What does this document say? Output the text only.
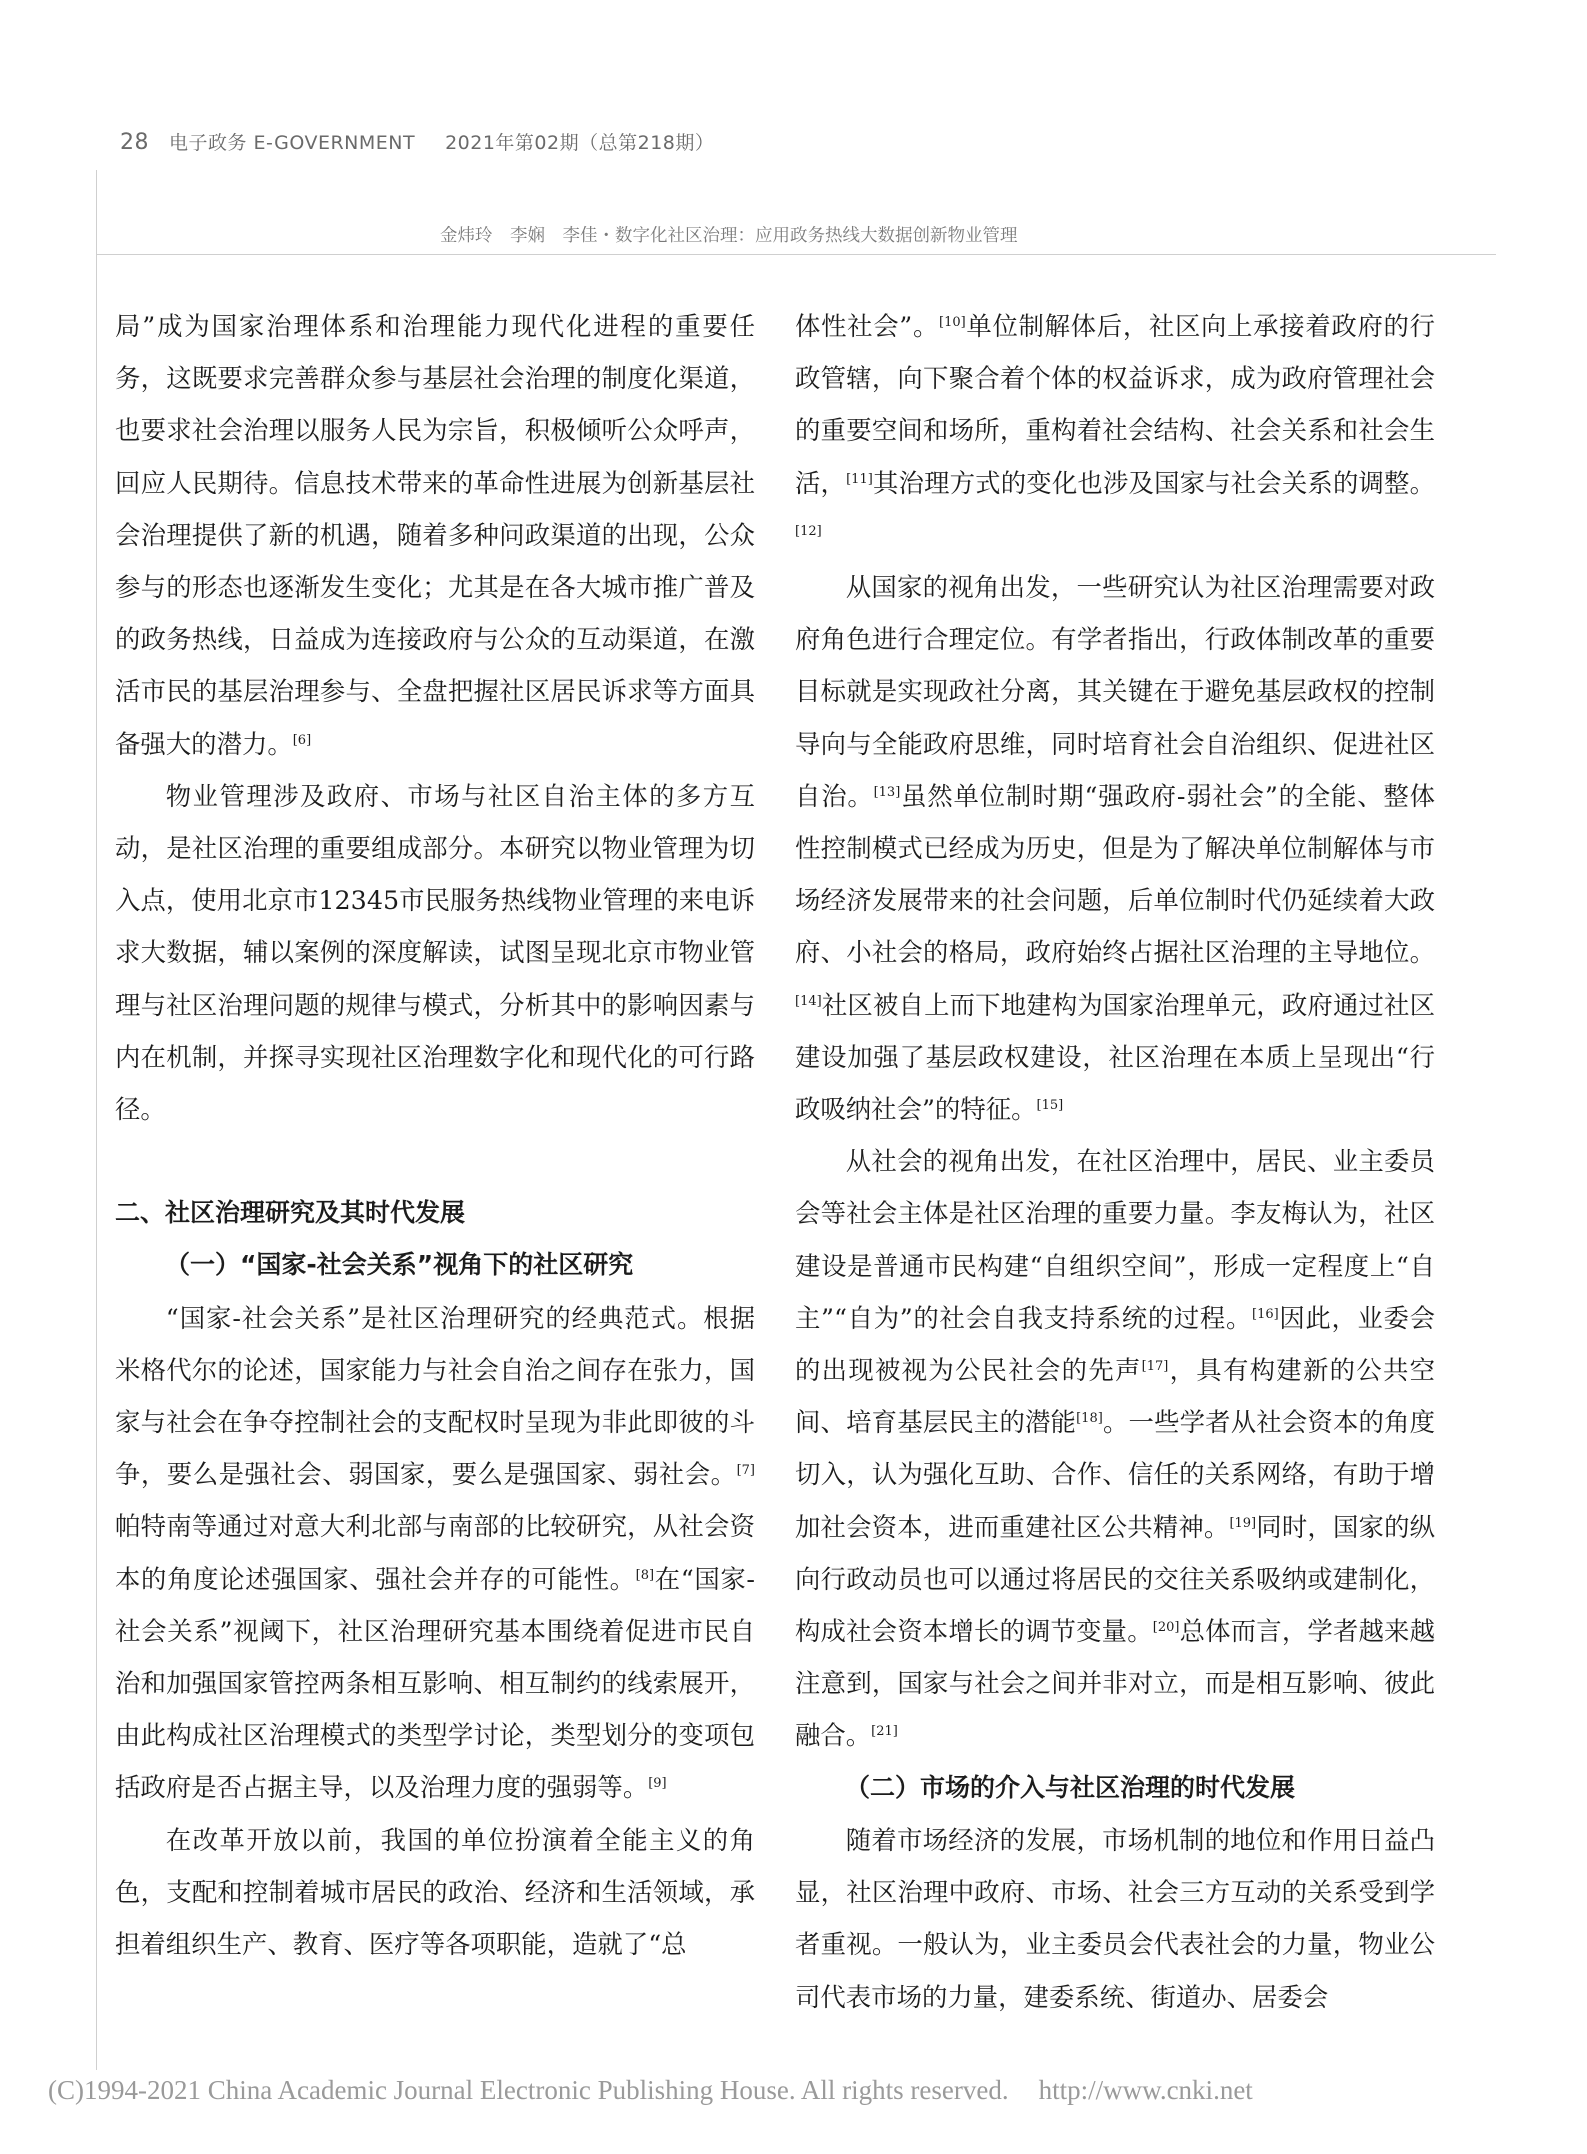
28 电子政务 E-GOVERNMENT 2021年第02期（总第218期）
金炜玲　李娴　李佳・数字化社区治理：应用政务热线大数据创新物业管理

局”成为国家治理体系和治理能力现代化进程的重要任务，这既要求完善群众参与基层社会治理的制度化渠道，也要求社会治理以服务人民为宗旨，积极倾听公众呼声，回应人民期待。信息技术带来的革命性进展为创新基层社会治理提供了新的机遇，随着多种问政渠道的出现，公众参与的形态也逐渐发生变化；尤其是在各大城市推广普及的政务热线，日益成为连接政府与公众的互动渠道，在激活市民的基层治理参与、全盘把握社区居民诉求等方面具备强大的潜力。[6]

物业管理涉及政府、市场与社区自治主体的多方互动，是社区治理的重要组成部分。本研究以物业管理为切入点，使用北京市12345市民服务热线物业管理的来电诉求大数据，辅以案例的深度解读，试图呈现北京市物业管理与社区治理问题的规律与模式，分析其中的影响因素与内在机制，并探寻实现社区治理数字化和现代化的可行路径。

二、社区治理研究及其时代发展

（一）“国家-社会关系”视角下的社区研究

“国家-社会关系”是社区治理研究的经典范式。根据米格代尔的论述，国家能力与社会自治之间存在张力，国家与社会在争夺控制社会的支配权时呈现为非此即彼的斗争，要么是强社会、弱国家，要么是强国家、弱社会。[7]帕特南等通过对意大利北部与南部的比较研究，从社会资本的角度论述强国家、强社会并存的可能性。[8]在“国家-社会关系”视阈下，社区治理研究基本围绕着促进市民自治和加强国家管控两条相互影响、相互制约的线索展开，由此构成社区治理模式的类型学讨论，类型划分的变项包括政府是否占据主导，以及治理力度的强弱等。[9]

在改革开放以前，我国的单位扮演着全能主义的角色，支配和控制着城市居民的政治、经济和生活领域，承担着组织生产、教育、医疗等各项职能，造就了“总

体性社会”。[10]单位制解体后，社区向上承接着政府的行政管辖，向下聚合着个体的权益诉求，成为政府管理社会的重要空间和场所，重构着社会结构、社会关系和社会生活，[11]其治理方式的变化也涉及国家与社会关系的调整。[12]

从国家的视角出发，一些研究认为社区治理需要对政府角色进行合理定位。有学者指出，行政体制改革的重要目标就是实现政社分离，其关键在于避免基层政权的控制导向与全能政府思维，同时培育社会自治组织、促进社区自治。[13]虽然单位制时期“强政府-弱社会”的全能、整体性控制模式已经成为历史，但是为了解决单位制解体与市场经济发展带来的社会问题，后单位制时代仍延续着大政府、小社会的格局，政府始终占据社区治理的主导地位。[14]社区被自上而下地建构为国家治理单元，政府通过社区建设加强了基层政权建设，社区治理在本质上呈现出“行政吸纳社会”的特征。[15]

从社会的视角出发，在社区治理中，居民、业主委员会等社会主体是社区治理的重要力量。李友梅认为，社区建设是普通市民构建“自组织空间”，形成一定程度上“自主”“自为”的社会自我支持系统的过程。[16]因此，业委会的出现被视为公民社会的先声[17]，具有构建新的公共空间、培育基层民主的潜能[18]。一些学者从社会资本的角度切入，认为强化互助、合作、信任的关系网络，有助于增加社会资本，进而重建社区公共精神。[19]同时，国家的纵向行政动员也可以通过将居民的交往关系吸纳或建制化，构成社会资本增长的调节变量。[20]总体而言，学者越来越注意到，国家与社会之间并非对立，而是相互影响、彼此融合。[21]

（二）市场的介入与社区治理的时代发展

随着市场经济的发展，市场机制的地位和作用日益凸显，社区治理中政府、市场、社会三方互动的关系受到学者重视。一般认为，业主委员会代表社会的力量，物业公司代表市场的力量，建委系统、街道办、居委会

(C)1994-2021 China Academic Journal Electronic Publishing House. All rights reserved. http://www.cnki.net
